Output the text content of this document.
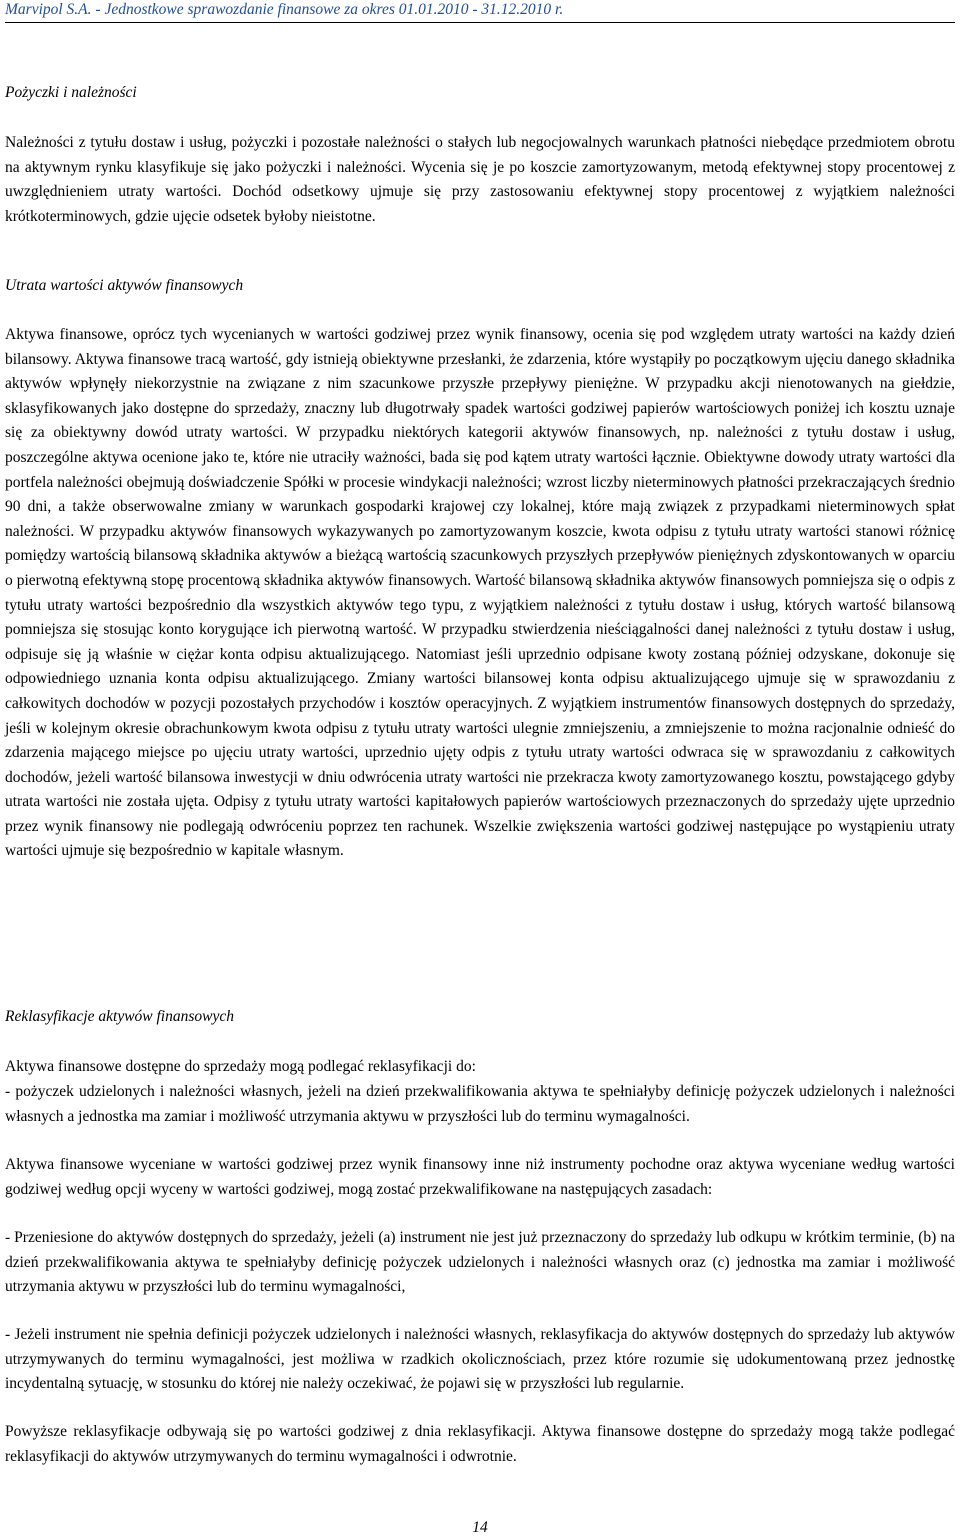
Marvipol S.A. - Jednostkowe sprawozdanie finansowe za okres 01.01.2010 - 31.12.2010 r.
Pożyczki i należności

Należności z tytułu dostaw i usług, pożyczki i pozostałe należności o stałych lub negocjowalnych warunkach płatności niebędące przedmiotem obrotu na aktywnym rynku klasyfikuje się jako pożyczki i należności. Wycenia się je po koszcie zamortyzowanym, metodą efektywnej stopy procentowej z uwzględnieniem utraty wartości. Dochód odsetkowy ujmuje się przy zastosowaniu efektywnej stopy procentowej z wyjątkiem należności krótkoterminowych, gdzie ujęcie odsetek byłoby nieistotne.

Utrata wartości aktywów finansowych

Aktywa finansowe, oprócz tych wycenianych w wartości godziwej przez wynik finansowy, ocenia się pod względem utraty wartości na każdy dzień bilansowy. Aktywa finansowe tracą wartość, gdy istnieją obiektywne przesłanki, że zdarzenia, które wystąpiły po początkowym ujęciu danego składnika aktywów wpłynęły niekorzystnie na związane z nim szacunkowe przyszłe przepływy pieniężne. W przypadku akcji nienotowanych na giełdzie, sklasyfikowanych jako dostępne do sprzedaży, znaczny lub długotrwały spadek wartości godziwej papierów wartościowych poniżej ich kosztu uznaje się za obiektywny dowód utraty wartości. W przypadku niektórych kategorii aktywów finansowych, np. należności z tytułu dostaw i usług, poszczególne aktywa ocenione jako te, które nie utraciły ważności, bada się pod kątem utraty wartości łącznie. Obiektywne dowody utraty wartości dla portfela należności obejmują doświadczenie Spółki w procesie windykacji należności; wzrost liczby nieterminowych płatności przekraczających średnio 90 dni, a także obserwowalne zmiany w warunkach gospodarki krajowej czy lokalnej, które mają związek z przypadkami nieterminowych spłat należności. W przypadku aktywów finansowych wykazywanych po zamortyzowanym koszcie, kwota odpisu z tytułu utraty wartości stanowi różnicę pomiędzy wartością bilansową składnika aktywów a bieżącą wartością szacunkowych przyszłych przepływów pieniężnych zdyskontowanych w oparciu o pierwotną efektywną stopę procentową składnika aktywów finansowych. Wartość bilansową składnika aktywów finansowych pomniejsza się o odpis z tytułu utraty wartości bezpośrednio dla wszystkich aktywów tego typu, z wyjątkiem należności z tytułu dostaw i usług, których wartość bilansową pomniejsza się stosując konto korygujące ich pierwotną wartość. W przypadku stwierdzenia nieściągalności danej należności z tytułu dostaw i usług, odpisuje się ją właśnie w ciężar konta odpisu aktualizującego. Natomiast jeśli uprzednio odpisane kwoty zostaną później odzyskane, dokonuje się odpowiedniego uznania konta odpisu aktualizującego. Zmiany wartości bilansowej konta odpisu aktualizującego ujmuje się w sprawozdaniu z całkowitych dochodów w pozycji pozostałych przychodów i kosztów operacyjnych. Z wyjątkiem instrumentów finansowych dostępnych do sprzedaży, jeśli w kolejnym okresie obrachunkowym kwota odpisu z tytułu utraty wartości ulegnie zmniejszeniu, a zmniejszenie to można racjonalnie odnieść do zdarzenia mającego miejsce po ujęciu utraty wartości, uprzednio ujęty odpis z tytułu utraty wartości odwraca się w sprawozdaniu z całkowitych dochodów, jeżeli wartość bilansowa inwestycji w dniu odwrócenia utraty wartości nie przekracza kwoty zamortyzowanego kosztu, powstającego gdyby utrata wartości nie została ujęta. Odpisy z tytułu utraty wartości kapitałowych papierów wartościowych przeznaczonych do sprzedaży ujęte uprzednio przez wynik finansowy nie podlegają odwróceniu poprzez ten rachunek. Wszelkie zwiększenia wartości godziwej następujące po wystąpieniu utraty wartości ujmuje się bezpośrednio w kapitale własnym.

Reklasyfikacje aktywów finansowych

Aktywa finansowe dostępne do sprzedaży mogą podlegać reklasyfikacji do:

- pożyczek udzielonych i należności własnych, jeżeli na dzień przekwalifikowania aktywa te spełniałyby definicję pożyczek udzielonych i należności własnych a jednostka ma zamiar i możliwość utrzymania aktywu w przyszłości lub do terminu wymagalności.

Aktywa finansowe wyceniane w wartości godziwej przez wynik finansowy inne niż instrumenty pochodne oraz aktywa wyceniane według wartości godziwej według opcji wyceny w wartości godziwej, mogą zostać przekwalifikowane na następujących zasadach:

- Przeniesione do aktywów dostępnych do sprzedaży, jeżeli (a) instrument nie jest już przeznaczony do sprzedaży lub odkupu w krótkim terminie, (b) na dzień przekwalifikowania aktywa te spełniałyby definicję pożyczek udzielonych i należności własnych oraz (c) jednostka ma zamiar i możliwość utrzymania aktywu w przyszłości lub do terminu wymagalności,

- Jeżeli instrument nie spełnia definicji pożyczek udzielonych i należności własnych, reklasyfikacja do aktywów dostępnych do sprzedaży lub aktywów utrzymywanych do terminu wymagalności, jest możliwa w rzadkich okolicznościach, przez które rozumie się udokumentowaną przez jednostkę incydentalną sytuację, w stosunku do której nie należy oczekiwać, że pojawi się w przyszłości lub regularnie.

Powyższe reklasyfikacje odbywają się po wartości godziwej z dnia reklasyfikacji. Aktywa finansowe dostępne do sprzedaży mogą także podlegać reklasyfikacji do aktywów utrzymywanych do terminu wymagalności i odwrotnie.

14
